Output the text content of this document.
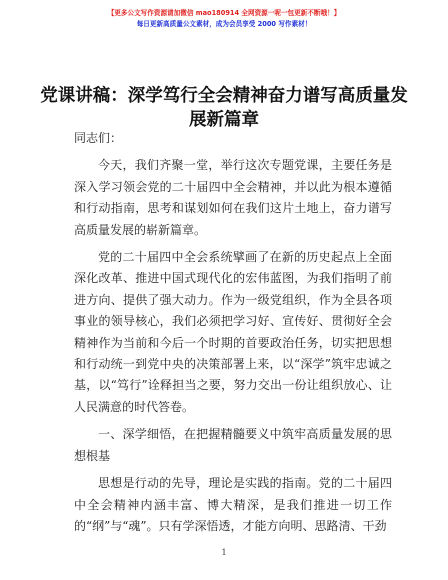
【更多公文写作资源请加微信 mao180914 全网资源一呢一包更新不断哦！】
每日更新高质量公文素材，成为会员享受 2000 写作素材！
党课讲稿：深学笃行全会精神奋力谱写高质量发展新篇章

同志们：

今天，我们齐聚一堂，举行这次专题党课，主要任务是深入学习领会党的二十届四中全会精神，并以此为根本遵循和行动指南，思考和谋划如何在我们这片土地上，奋力谱写高质量发展的崭新篇章。

党的二十届四中全会系统擘画了在新的历史起点上全面深化改革、推进中国式现代化的宏伟蓝图，为我们指明了前进方向、提供了强大动力。作为一级党组织，作为全县各项事业的领导核心，我们必须把学习好、宣传好、贯彻好全会精神作为当前和今后一个时期的首要政治任务，切实把思想和行动统一到党中央的决策部署上来，以“深学”筑牢忠诚之基，以“笃行”诠释担当之要，努力交出一份让组织放心、让人民满意的时代答卷。

一、深学细悟，在把握精髓要义中筑牢高质量发展的思想根基

思想是行动的先导，理论是实践的指南。党的二十届四中全会精神内涵丰富、博大精深，是我们推进一切工作的“纲”与“魂”。只有学深悟透，才能方向明、思路清、干劲

1
